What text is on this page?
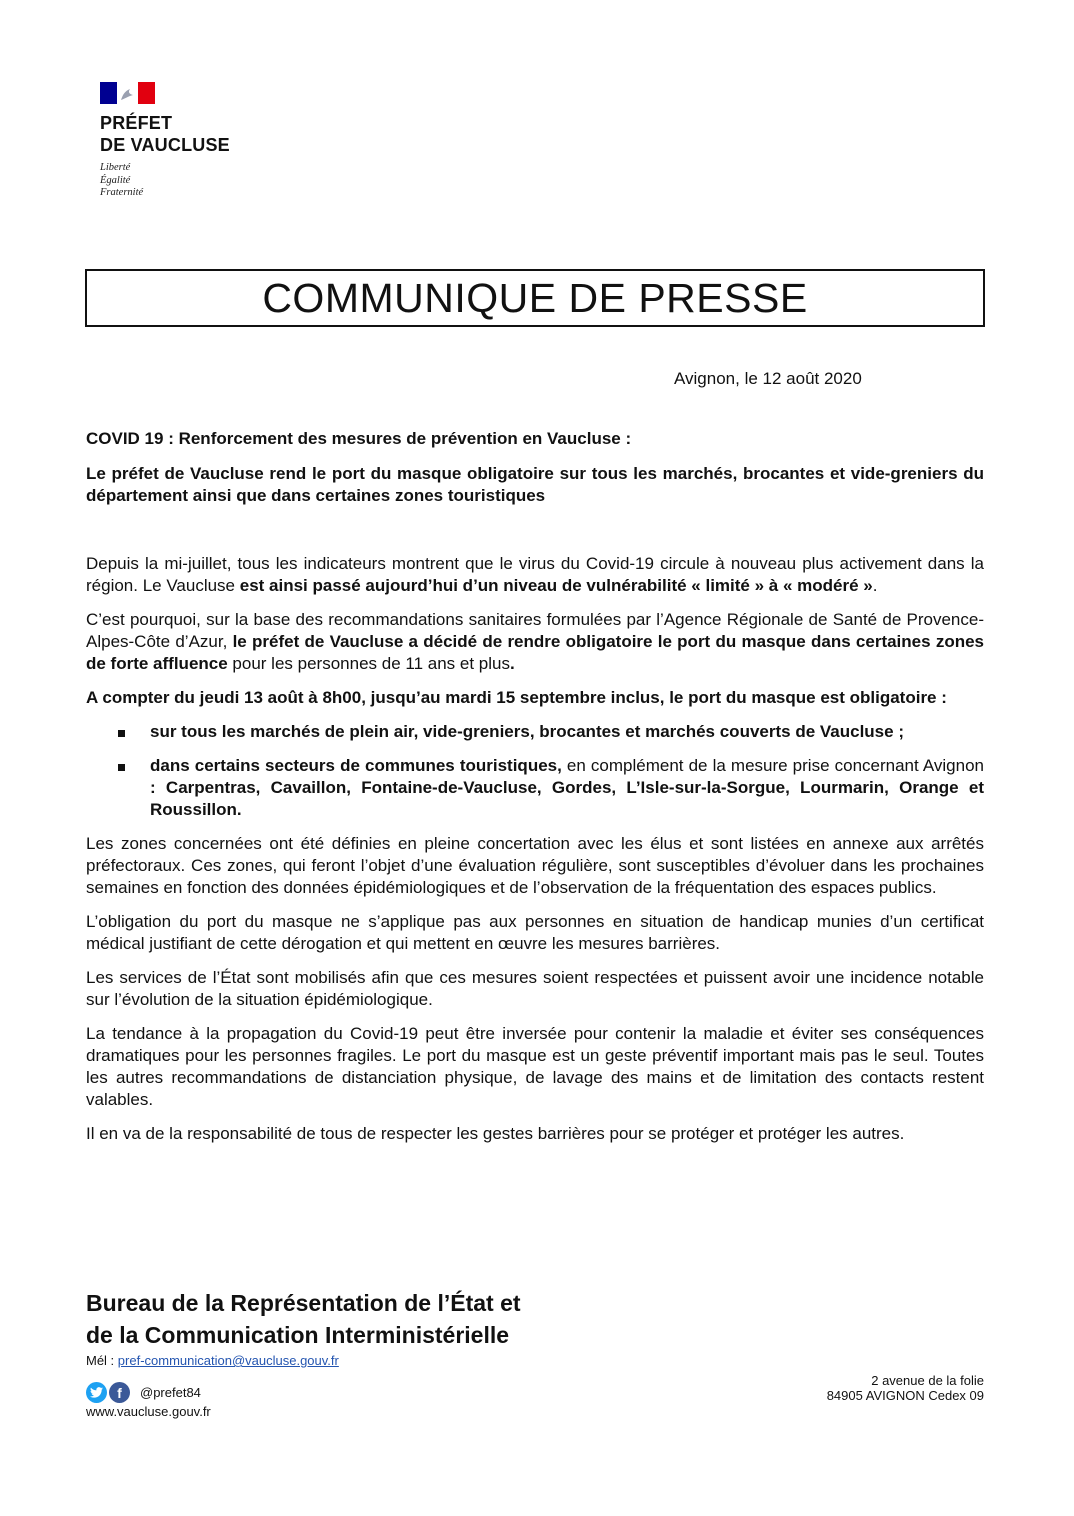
PRÉFET
DE VAUCLUSE
Liberté
Égalité
Fraternité
COMMUNIQUE DE PRESSE
Avignon, le 12 août 2020

COVID 19 : Renforcement des mesures de prévention en Vaucluse :

Le préfet de Vaucluse rend le port du masque obligatoire sur tous les marchés, brocantes et vide-greniers du département ainsi que dans certaines zones touristiques

Depuis la mi-juillet, tous les indicateurs montrent que le virus du Covid-19 circule à nouveau plus activement dans la région. Le Vaucluse est ainsi passé aujourd’hui d’un niveau de vulnérabilité « limité » à « modéré ».

C’est pourquoi, sur la base des recommandations sanitaires formulées par l’Agence Régionale de Santé de Provence-Alpes-Côte d’Azur, le préfet de Vaucluse a décidé de rendre obligatoire le port du masque dans certaines zones de forte affluence pour les personnes de 11 ans et plus.

A compter du jeudi 13 août à 8h00, jusqu’au mardi 15 septembre inclus, le port du masque est obligatoire :

sur tous les marchés de plein air, vide-greniers, brocantes et marchés couverts de Vaucluse ;
dans certains secteurs de communes touristiques, en complément de la mesure prise concernant Avignon : Carpentras, Cavaillon, Fontaine-de-Vaucluse, Gordes, L’Isle-sur-la-Sorgue, Lourmarin, Orange et Roussillon.

Les zones concernées ont été définies en pleine concertation avec les élus et sont listées en annexe aux arrêtés préfectoraux. Ces zones, qui feront l’objet d’une évaluation régulière, sont susceptibles d’évoluer dans les prochaines semaines en fonction des données épidémiologiques et de l’observation de la fréquentation des espaces publics.

L’obligation du port du masque ne s’applique pas aux personnes en situation de handicap munies d’un certificat médical justifiant de cette dérogation et qui mettent en œuvre les mesures barrières.

Les services de l’État sont mobilisés afin que ces mesures soient respectées et puissent avoir une incidence notable sur l’évolution de la situation épidémiologique.

La tendance à la propagation du Covid-19 peut être inversée pour contenir la maladie et éviter ses conséquences dramatiques pour les personnes fragiles. Le port du masque est un geste préventif important mais pas le seul. Toutes les autres recommandations de distanciation physique, de lavage des mains et de limitation des contacts restent valables.

Il en va de la responsabilité de tous de respecter les gestes barrières pour se protéger et protéger les autres.

Bureau de la Représentation de l’État et
de la Communication Interministérielle
Mél : pref-communication@vaucluse.gouv.fr
f	@prefet84
www.vaucluse.gouv.fr
2 avenue de la folie
84905 AVIGNON Cedex 09
